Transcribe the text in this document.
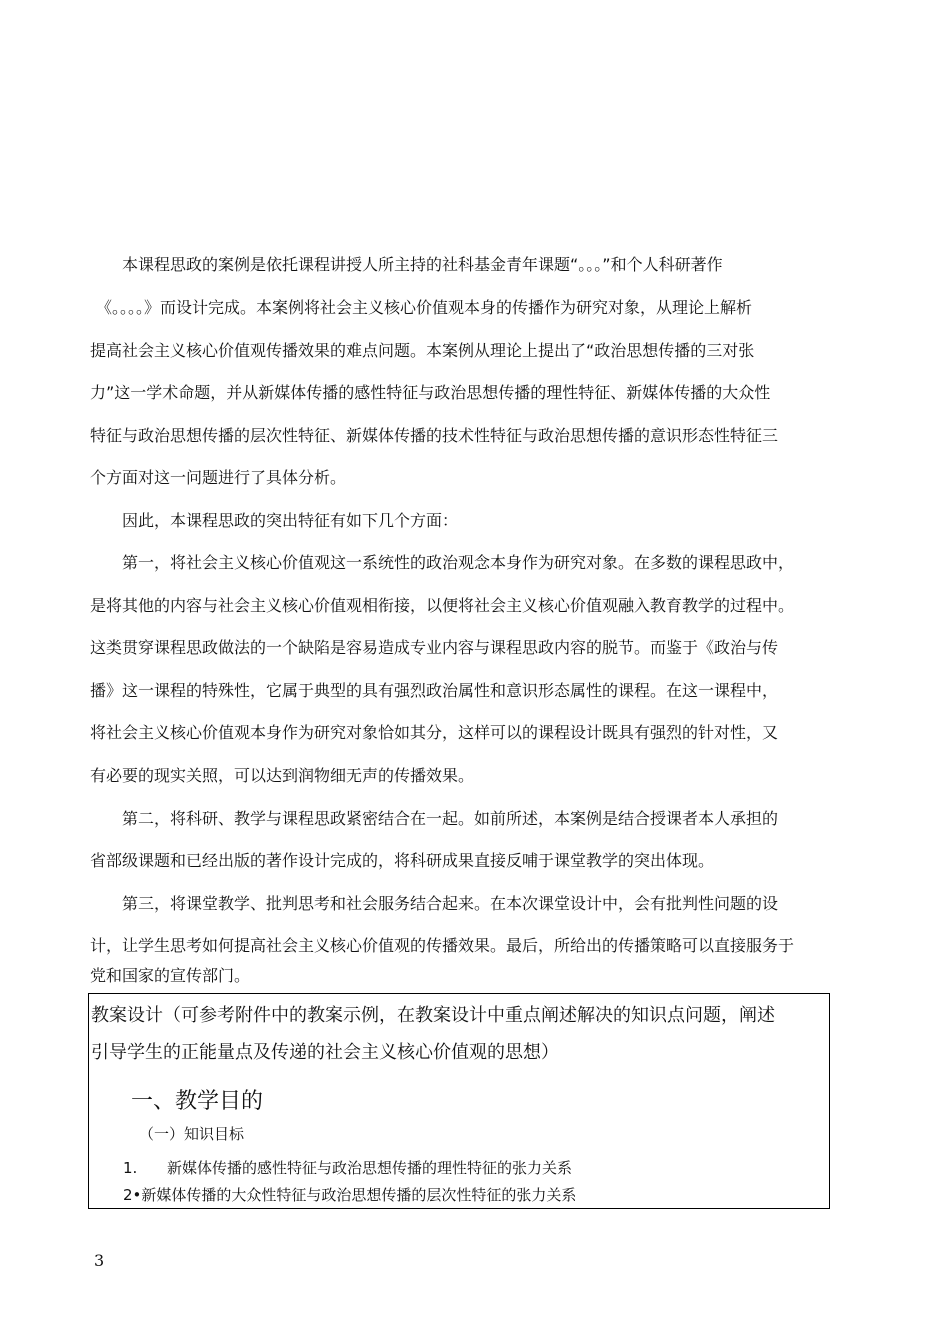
本课程思政的案例是依托课程讲授人所主持的社科基金青年课题“。。。”和个人科研著作
《。。。。》而设计完成。本案例将社会主义核心价值观本身的传播作为研究对象，从理论上解析
提高社会主义核心价值观传播效果的难点问题。本案例从理论上提出了“政治思想传播的三对张
力”这一学术命题，并从新媒体传播的感性特征与政治思想传播的理性特征、新媒体传播的大众性
特征与政治思想传播的层次性特征、新媒体传播的技术性特征与政治思想传播的意识形态性特征三
个方面对这一问题进行了具体分析。
因此，本课程思政的突出特征有如下几个方面：
第一，将社会主义核心价值观这一系统性的政治观念本身作为研究对象。在多数的课程思政中，
是将其他的内容与社会主义核心价值观相衔接，以便将社会主义核心价值观融入教育教学的过程中。
这类贯穿课程思政做法的一个缺陷是容易造成专业内容与课程思政内容的脱节。而鉴于《政治与传
播》这一课程的特殊性，它属于典型的具有强烈政治属性和意识形态属性的课程。在这一课程中，
将社会主义核心价值观本身作为研究对象恰如其分，这样可以的课程设计既具有强烈的针对性，又
有必要的现实关照，可以达到润物细无声的传播效果。
第二，将科研、教学与课程思政紧密结合在一起。如前所述，本案例是结合授课者本人承担的
省部级课题和已经出版的著作设计完成的，将科研成果直接反哺于课堂教学的突出体现。
第三，将课堂教学、批判思考和社会服务结合起来。在本次课堂设计中，会有批判性问题的设
计，让学生思考如何提高社会主义核心价值观的传播效果。最后，所给出的传播策略可以直接服务于
党和国家的宣传部门。
教案设计（可参考附件中的教案示例，在教案设计中重点阐述解决的知识点问题，阐述
引导学生的正能量点及传递的社会主义核心价值观的思想）
一、教学目的
（一）知识目标
1. 新媒体传播的感性特征与政治思想传播的理性特征的张力关系
2•新媒体传播的大众性特征与政治思想传播的层次性特征的张力关系
3
